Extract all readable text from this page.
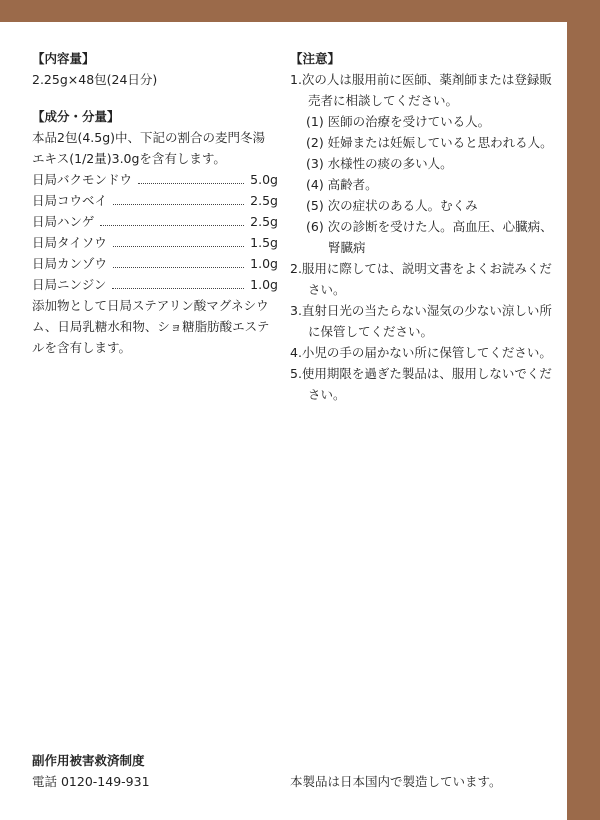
【内容量】

2.25g×48包(24日分)

【成分・分量】

本品2包(4.5g)中、下記の割合の麦門冬湯エキス(1/2量)3.0gを含有します。

日局バクモンドウ	5.0g
日局コウベイ	2.5g
日局ハンゲ	2.5g
日局タイソウ	1.5g
日局カンゾウ	1.0g
日局ニンジン	1.0g

添加物として日局ステアリン酸マグネシウム、日局乳糖水和物、ショ糖脂肪酸エステルを含有します。

【注意】

1.次の人は服用前に医師、薬剤師または登録販売者に相談してください。

(1) 医師の治療を受けている人。

(2) 妊婦または妊娠していると思われる人。

(3) 水様性の痰の多い人。

(4) 高齢者。

(5) 次の症状のある人。むくみ

(6) 次の診断を受けた人。高血圧、心臓病、腎臓病

2.服用に際しては、説明文書をよくお読みください。

3.直射日光の当たらない湿気の少ない涼しい所に保管してください。

4.小児の手の届かない所に保管してください。

5.使用期限を過ぎた製品は、服用しないでください。

副作用被害救済制度

電話 0120-149-931	本製品は日本国内で製造しています。
